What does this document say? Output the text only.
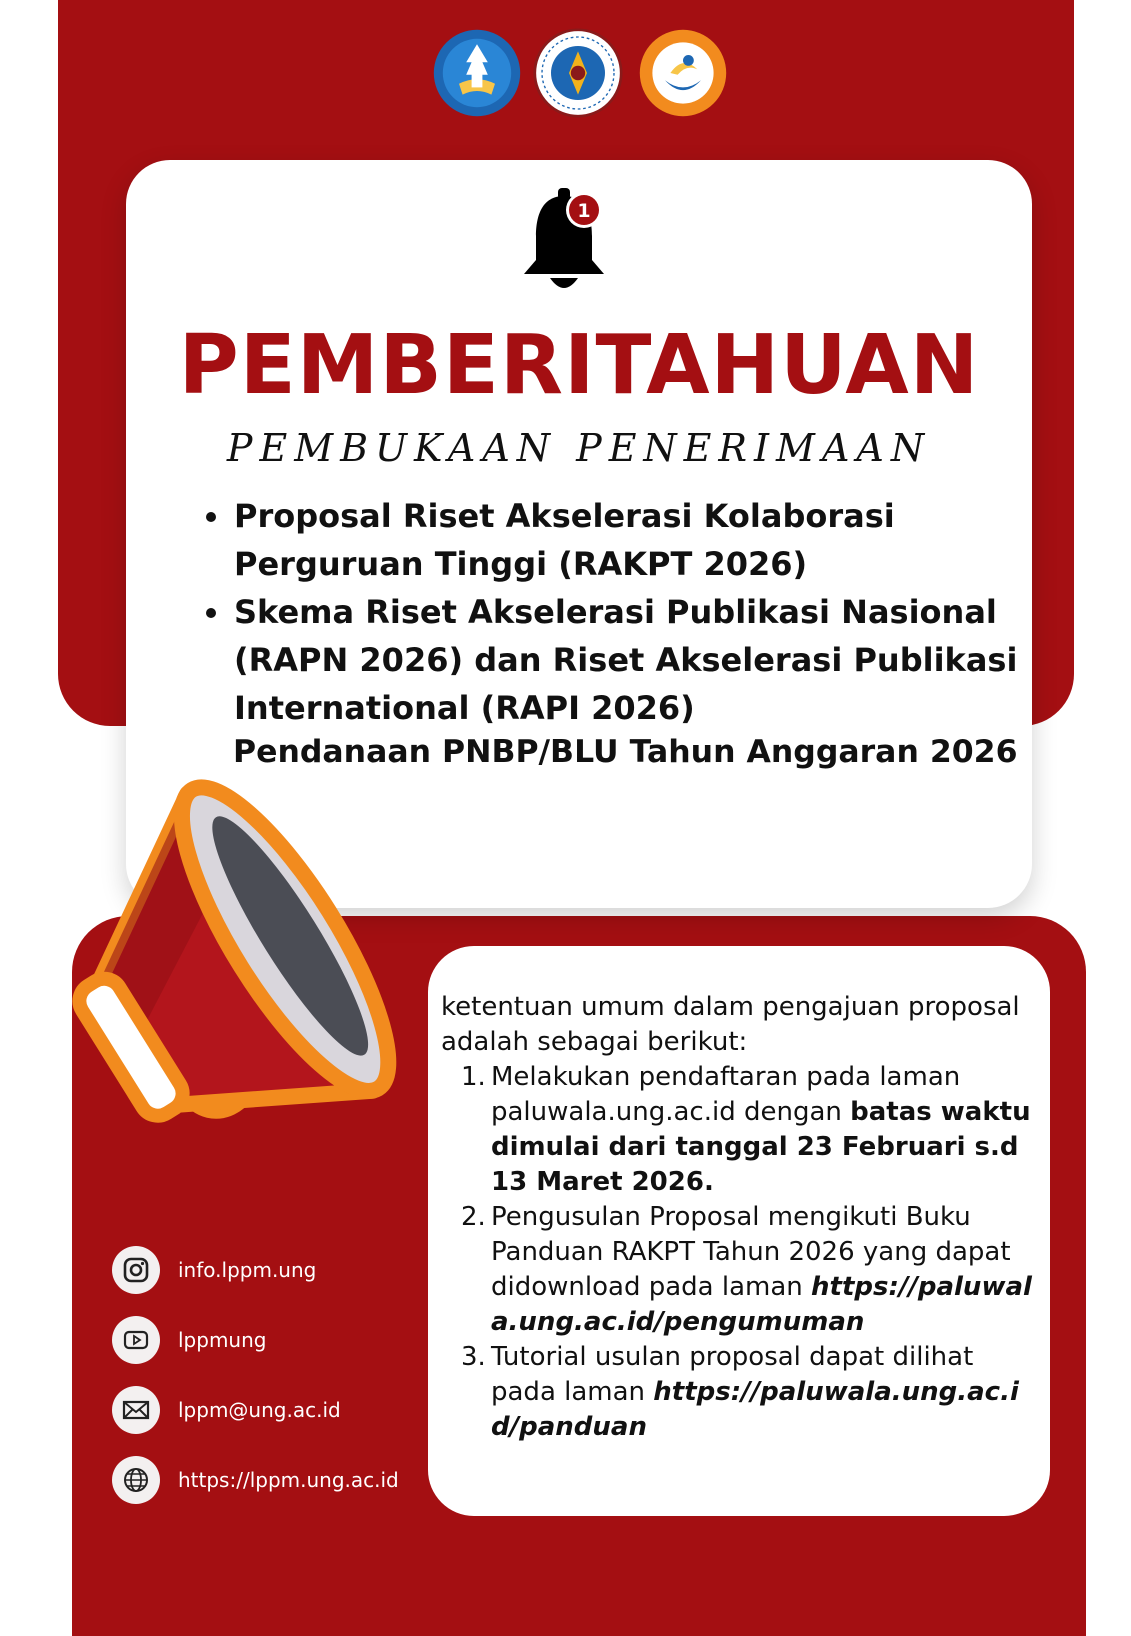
1
PEMBERITAHUAN
PEMBUKAAN PENERIMAAN
Proposal Riset Akselerasi Kolaborasi Perguruan Tinggi (RAKPT 2026)
Skema Riset Akselerasi Publikasi Nasional (RAPN 2026) dan Riset Akselerasi Publikasi International (RAPI 2026)
Pendanaan PNBP/BLU Tahun Anggaran 2026

ketentuan umum dalam pengajuan proposal adalah sebagai berikut:

1. Melakukan pendaftaran pada laman paluwala.ung.ac.id dengan batas waktu dimulai dari tanggal 23 Februari s.d 13 Maret 2026.
2. Pengusulan Proposal mengikuti Buku Panduan RAKPT Tahun 2026 yang dapat didownload pada laman https://paluwala.ung.ac.id/pengumuman
3. Tutorial usulan proposal dapat dilihat pada laman https://paluwala.ung.ac.id/panduan
info.lppm.ung
lppmung
lppm@ung.ac.id
https://lppm.ung.ac.id
